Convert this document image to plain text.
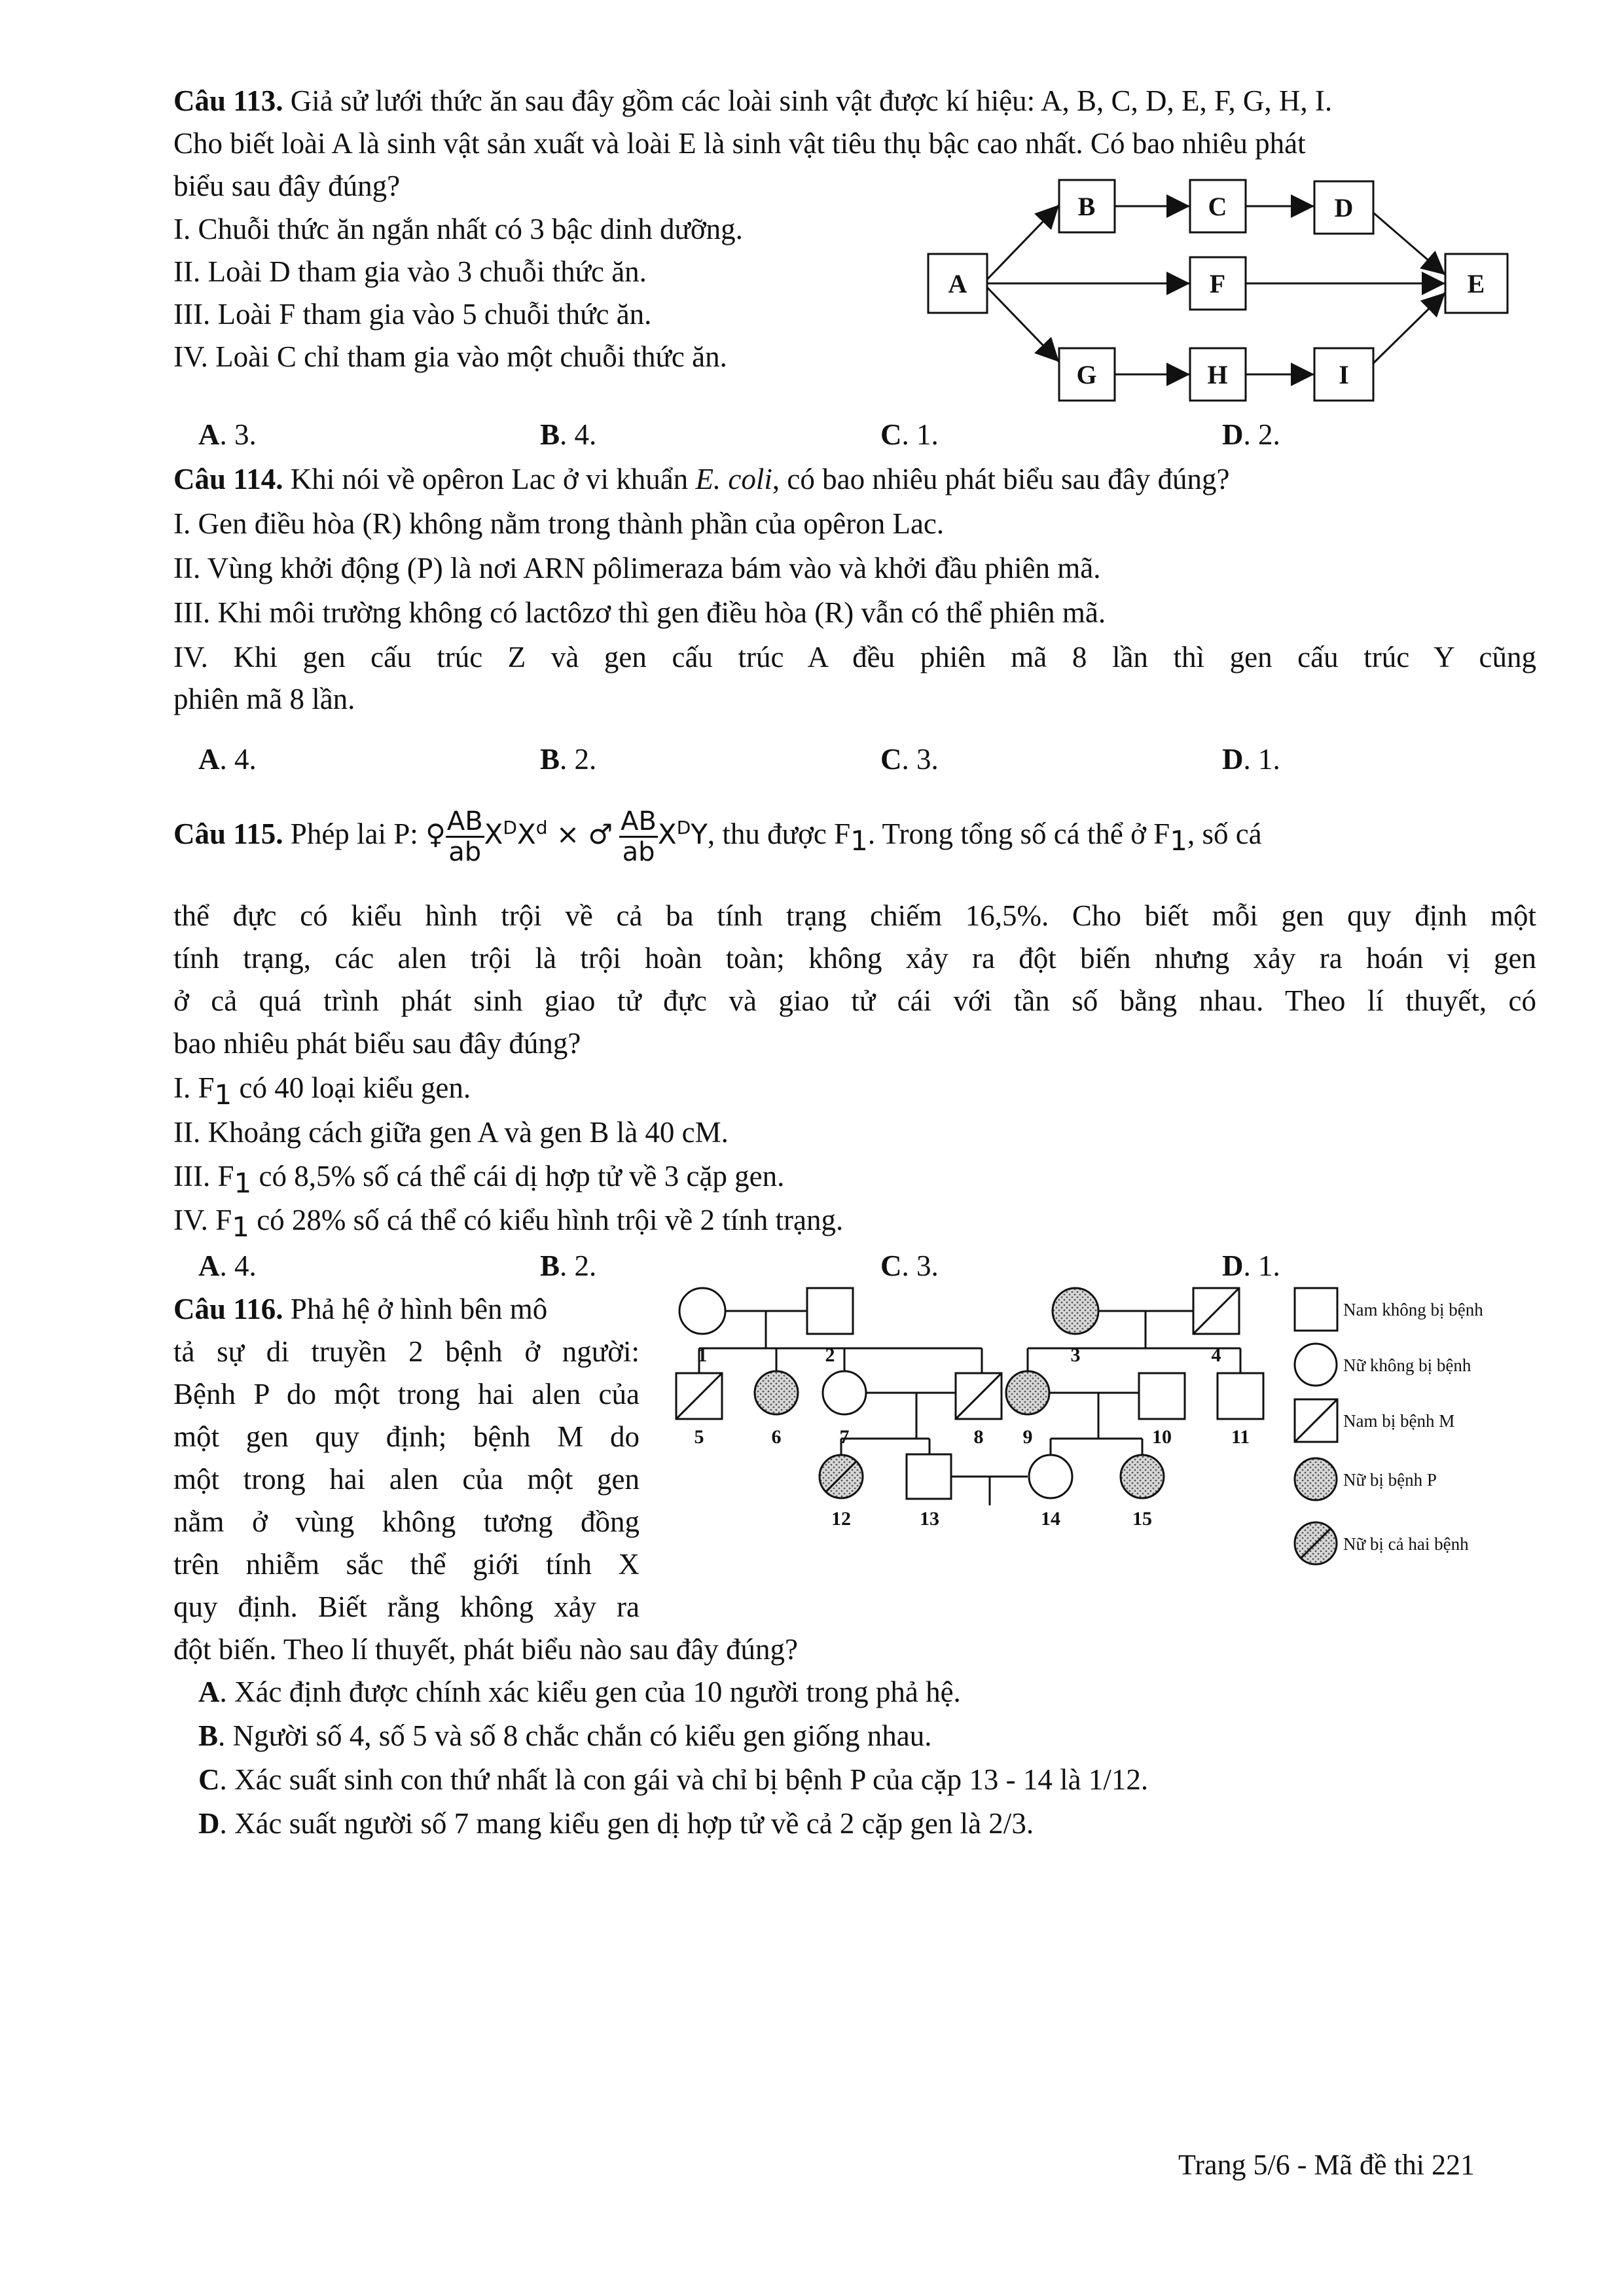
Câu 113. Giả sử lưới thức ăn sau đây gồm các loài sinh vật được kí hiệu: A, B, C, D, E, F, G, H, I.
Cho biết loài A là sinh vật sản xuất và loài E là sinh vật tiêu thụ bậc cao nhất. Có bao nhiêu phát
biểu sau đây đúng?
I. Chuỗi thức ăn ngắn nhất có 3 bậc dinh dưỡng.
II. Loài D tham gia vào 3 chuỗi thức ăn.
III. Loài F tham gia vào 5 chuỗi thức ăn.
IV. Loài C chỉ tham gia vào một chuỗi thức ăn.
A
B	C	D
F	E
G	H	I
A. 3.	B. 4.	C. 1.	D. 2.
Câu 114. Khi nói về opêron Lac ở vi khuẩn E. coli, có bao nhiêu phát biểu sau đây đúng?
I. Gen điều hòa (R) không nằm trong thành phần của opêron Lac.
II. Vùng khởi động (P) là nơi ARN pôlimeraza bám vào và khởi đầu phiên mã.
III. Khi môi trường không có lactôzơ thì gen điều hòa (R) vẫn có thể phiên mã.
IV. Khi gen cấu trúc Z và gen cấu trúc A đều phiên mã 8 lần thì gen cấu trúc Y cũng
phiên mã 8 lần.
A. 4.	B. 2.	C. 3.	D. 1.
Câu 115. Phép lai P: ♀ $\frac{AB}{ab} X^DX^d$ × ♂ $\frac{AB}{ab} X^DY$, thu được $F_1$. Trong tổng số cá thể ở $F_1$, số cá
thể đực có kiểu hình trội về cả ba tính trạng chiếm 16,5%. Cho biết mỗi gen quy định một
tính trạng, các alen trội là trội hoàn toàn; không xảy ra đột biến nhưng xảy ra hoán vị gen
ở cả quá trình phát sinh giao tử đực và giao tử cái với tần số bằng nhau. Theo lí thuyết, có
bao nhiêu phát biểu sau đây đúng?
I. $F_1$ có 40 loại kiểu gen.
II. Khoảng cách giữa gen A và gen B là 40 cM.
III. $F_1$ có 8,5% số cá thể cái dị hợp tử về 3 cặp gen.
IV. $F_1$ có 28% số cá thể có kiểu hình trội về 2 tính trạng.
A. 4.	B. 2.	C. 3.	D. 1.
Câu 116. Phả hệ ở hình bên mô
tả sự di truyền 2 bệnh ở người:
Bệnh P do một trong hai alen của
một gen quy định; bệnh M do
một trong hai alen của một gen
nằm ở vùng không tương đồng
trên nhiễm sắc thể giới tính X
quy định. Biết rằng không xảy ra
đột biến. Theo lí thuyết, phát biểu nào sau đây đúng?
1	2	3	4
5	6	7	8 9	10	11
12	13	14	15
Nam không bị bệnh
Nữ không bị bệnh
Nam bị bệnh M
Nữ bị bệnh P
Nữ bị cả hai bệnh
A. Xác định được chính xác kiểu gen của 10 người trong phả hệ.
B. Người số 4, số 5 và số 8 chắc chắn có kiểu gen giống nhau.
C. Xác suất sinh con thứ nhất là con gái và chỉ bị bệnh P của cặp 13 - 14 là 1/12.
D. Xác suất người số 7 mang kiểu gen dị hợp tử về cả 2 cặp gen là 2/3.
Trang 5/6 - Mã đề thi 221
